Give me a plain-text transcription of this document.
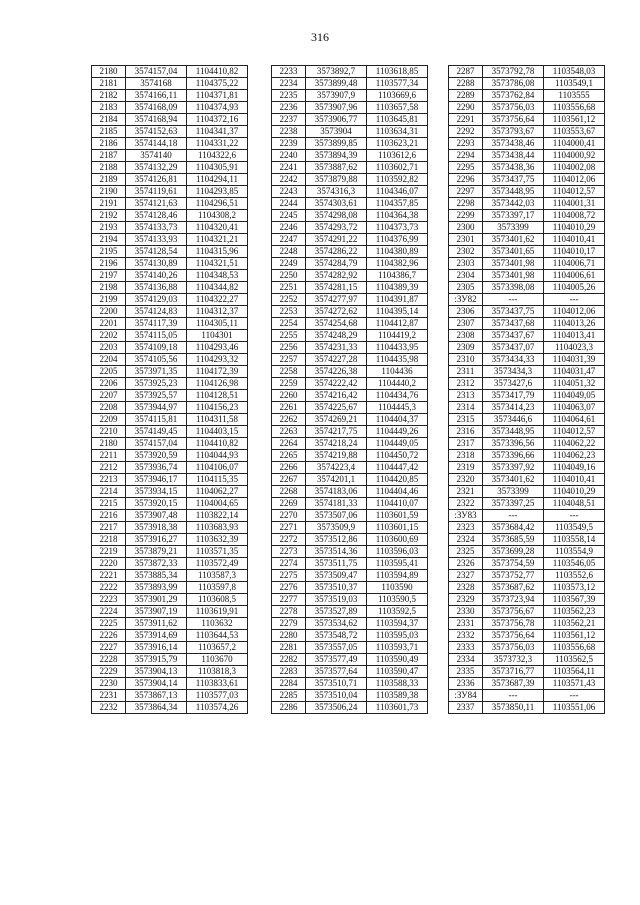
316
2180	3574157,04	1104410,82
2181	3574168	1104375,22
2182	3574166,11	1104371,81
2183	3574168,09	1104374,93
2184	3574168,94	1104372,16
2185	3574152,63	1104341,37
2186	3574144,18	1104331,22
2187	3574140	1104322,6
2188	3574132,29	1104305,91
2189	3574126,81	1104294,11
2190	3574119,61	1104293,85
2191	3574121,63	1104296,51
2192	3574128,46	1104308,2
2193	3574133,73	1104320,41
2194	3574133,93	1104321,21
2195	3574128,54	1104315,96
2196	3574130,89	1104321,51
2197	3574140,26	1104348,53
2198	3574136,88	1104344,82
2199	3574129,03	1104322,27
2200	3574124,83	1104312,37
2201	3574117,39	1104305,11
2202	3574115,05	1104301
2203	3574109,18	1104293,46
2204	3574105,56	1104293,32
2205	3573971,35	1104172,39
2206	3573925,23	1104126,98
2207	3573925,57	1104128,51
2208	3573944,97	1104156,23
2209	3574115,81	1104311,58
2210	3574149,45	1104403,15
2180	3574157,04	1104410,82
2211	3573920,59	1104044,93
2212	3573936,74	1104106,07
2213	3573946,17	1104115,35
2214	3573934,15	1104062,27
2215	3573920,15	1104004,65
2216	3573907,48	1103822,14
2217	3573918,38	1103683,93
2218	3573916,27	1103632,39
2219	3573879,21	1103571,35
2220	3573872,33	1103572,49
2221	3573885,34	1103587,3
2222	3573893,99	1103597,8
2223	3573901,29	1103608,5
2224	3573907,19	1103619,91
2225	3573911,62	1103632
2226	3573914,69	1103644,53
2227	3573916,14	1103657,2
2228	3573915,79	1103670
2229	3573904,13	1103818,3
2230	3573904,14	1103833,61
2231	3573867,13	1103577,03
2232	3573864,34	1103574,26
2233	3573892,7	1103618,85
2234	3573899,48	1103577,34
2235	3573907,9	1103669,6
2236	3573907,96	1103657,58
2237	3573906,77	1103645,81
2238	3573904	1103634,31
2239	3573899,85	1103623,21
2240	3573894,39	1103612,6
2241	3573887,62	1103602,71
2242	3573879,88	1103592,82
2243	3574316,3	1104346,07
2244	3574303,61	1104357,85
2245	3574298,08	1104364,38
2246	3574293,72	1104373,73
2247	3574291,22	1104376,99
2248	3574286,22	1104380,89
2249	3574284,79	1104382,96
2250	3574282,92	1104386,7
2251	3574281,15	1104389,39
2252	3574277,97	1104391,87
2253	3574272,62	1104395,14
2254	3574254,68	1104412,87
2255	3574248,29	1104419,2
2256	3574231,33	1104433,95
2257	3574227,28	1104435,98
2258	3574226,38	1104436
2259	3574222,42	1104440,2
2260	3574216,42	1104434,76
2261	3574225,67	1104445,3
2262	3574269,21	1104404,37
2263	3574217,75	1104449,26
2264	3574218,24	1104449,05
2265	3574219,88	1104450,72
2266	3574223,4	1104447,42
2267	3574201,1	1104420,85
2268	3574183,06	1104404,46
2269	3574181,33	1104410,07
2270	3573507,06	1103601,59
2271	3573509,9	1103601,15
2272	3573512,86	1103600,69
2273	3573514,36	1103596,03
2274	3573511,75	1103595,41
2275	3573509,47	1103594,89
2276	3573510,37	1103590
2277	3573519,03	1103590,5
2278	3573527,89	1103592,5
2279	3573534,62	1103594,37
2280	3573548,72	1103595,03
2281	3573557,05	1103593,71
2282	3573577,49	1103590,49
2283	3573577,64	1103590,47
2284	3573510,71	1103588,33
2285	3573510,04	1103589,38
2286	3573506,24	1103601,73
2287	3573792,78	1103548,03
2288	3573786,08	1103549,1
2289	3573762,84	1103555
2290	3573756,03	1103556,68
2291	3573756,64	1103561,12
2292	3573793,67	1103553,67
2293	3573438,46	1104000,41
2294	3573438,44	1104000,92
2295	3573438,36	1104002,08
2296	3573437,75	1104012,06
2297	3573448,95	1104012,57
2298	3573442,03	1104001,31
2299	3573397,17	1104008,72
2300	3573399	1104010,29
2301	3573401,62	1104010,41
2302	3573401,65	1104010,17
2303	3573401,98	1104006,71
2304	3573401,98	1104006,61
2305	3573398,08	1104005,26
:ЗУ82	---	---
2306	3573437,75	1104012,06
2307	3573437,68	1104013,26
2308	3573437,67	1104013,41
2309	3573437,07	1104023,3
2310	3573434,33	1104031,39
2311	3573434,3	1104031,47
2312	3573427,6	1104051,32
2313	3573417,79	1104049,05
2314	3573414,23	1104063,07
2315	3573446,6	1104064,61
2316	3573448,95	1104012,57
2317	3573396,56	1104062,22
2318	3573396,66	1104062,23
2319	3573397,92	1104049,16
2320	3573401,62	1104010,41
2321	3573399	1104010,29
2322	3573397,25	1104048,51
:ЗУ83	---	---
2323	3573684,42	1103549,5
2324	3573685,59	1103558,14
2325	3573699,28	1103554,9
2326	3573754,59	1103546,05
2327	3573752,77	1103552,6
2328	3573687,62	1103573,12
2329	3573723,94	1103567,39
2330	3573756,67	1103562,23
2331	3573756,78	1103562,21
2332	3573756,64	1103561,12
2333	3573756,03	1103556,68
2334	3573732,3	1103562,5
2335	3573716,77	1103564,11
2336	3573687,39	1103571,43
:ЗУ84	---	---
2337	3573850,11	1103551,06
